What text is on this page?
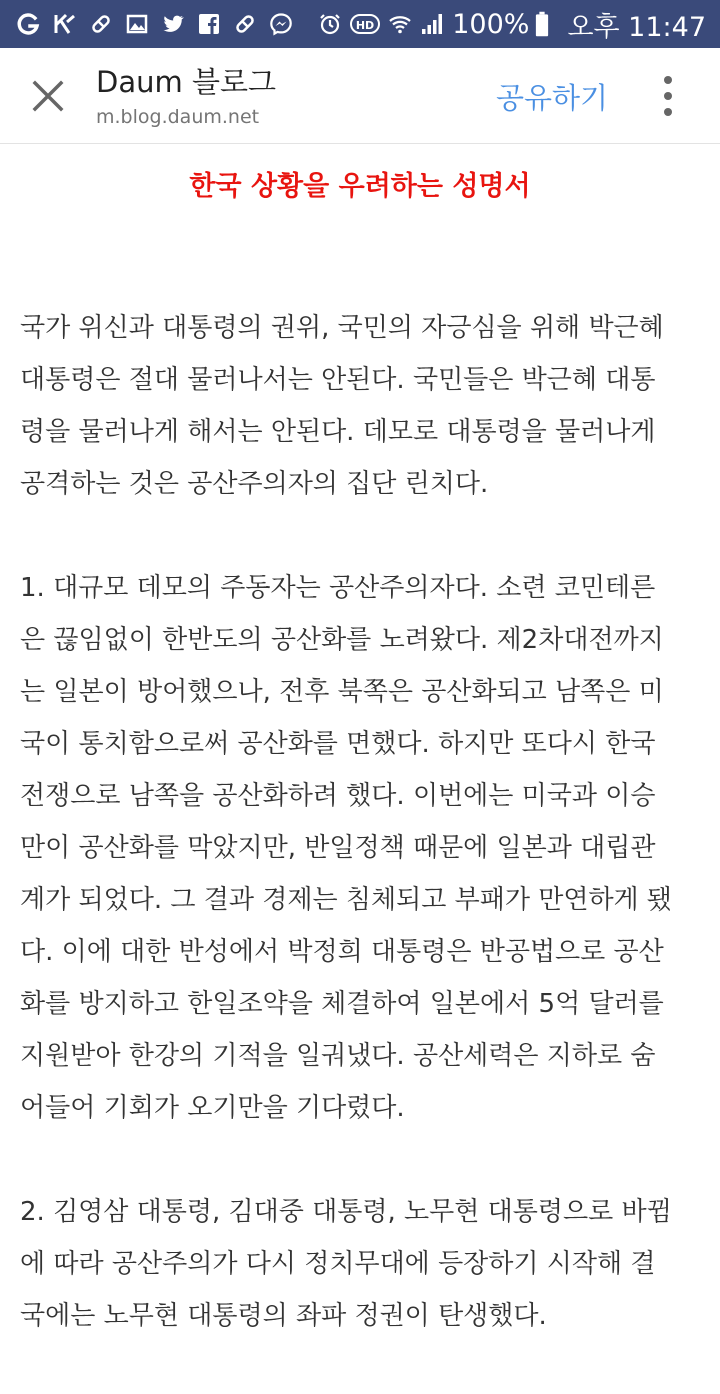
HD	100% 오후 11:47
Daum 블로그
m.blog.daum.net
공유하기
한국 상황을 우려하는 성명서
국가 위신과 대통령의 권위, 국민의 자긍심을 위해 박근혜
대통령은 절대 물러나서는 안된다. 국민들은 박근혜 대통
령을 물러나게 해서는 안된다. 데모로 대통령을 물러나게
공격하는 것은 공산주의자의 집단 린치다.
1. 대규모 데모의 주동자는 공산주의자다. 소련 코민테른
은 끊임없이 한반도의 공산화를 노려왔다. 제2차대전까지
는 일본이 방어했으나, 전후 북쪽은 공산화되고 남쪽은 미
국이 통치함으로써 공산화를 면했다. 하지만 또다시 한국
전쟁으로 남쪽을 공산화하려 했다. 이번에는 미국과 이승
만이 공산화를 막았지만, 반일정책 때문에 일본과 대립관
계가 되었다. 그 결과 경제는 침체되고 부패가 만연하게 됐
다. 이에 대한 반성에서 박정희 대통령은 반공법으로 공산
화를 방지하고 한일조약을 체결하여 일본에서 5억 달러를
지원받아 한강의 기적을 일궈냈다. 공산세력은 지하로 숨
어들어 기회가 오기만을 기다렸다.
2. 김영삼 대통령, 김대중 대통령, 노무현 대통령으로 바뀜
에 따라 공산주의가 다시 정치무대에 등장하기 시작해 결
국에는 노무현 대통령의 좌파 정권이 탄생했다.
